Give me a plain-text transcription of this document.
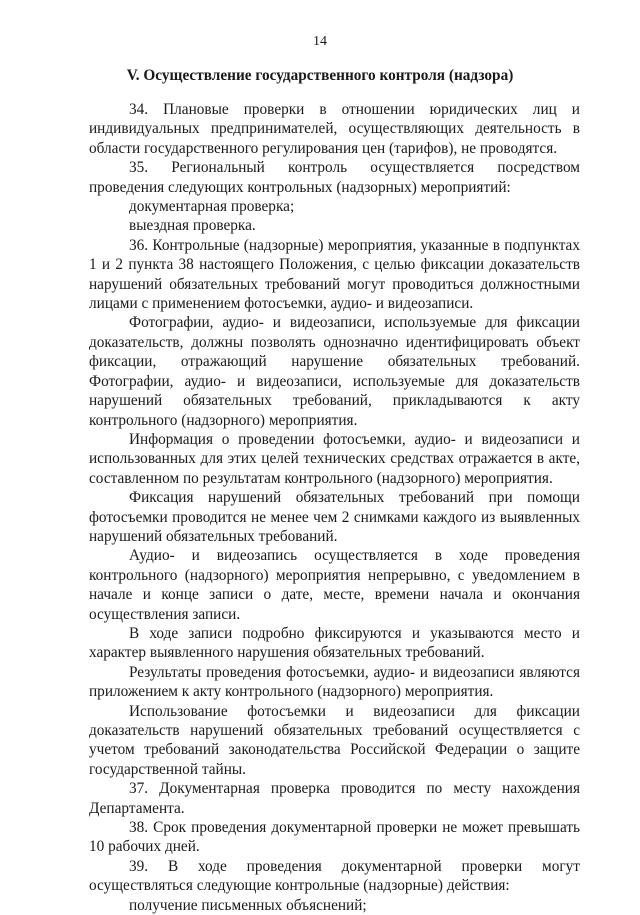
14
V. Осуществление государственного контроля (надзора)

34. Плановые проверки в отношении юридических лиц и индивидуальных предпринимателей, осуществляющих деятельность в области государственного регулирования цен (тарифов), не проводятся.

35. Региональный контроль осуществляется посредством проведения следующих контрольных (надзорных) мероприятий:

документарная проверка;

выездная проверка.

36. Контрольные (надзорные) мероприятия, указанные в подпунктах 1 и 2 пункта 38 настоящего Положения, с целью фиксации доказательств нарушений обязательных требований могут проводиться должностными лицами с применением фотосъемки, аудио- и видеозаписи.

Фотографии, аудио- и видеозаписи, используемые для фиксации доказательств, должны позволять однозначно идентифицировать объект фиксации, отражающий нарушение обязательных требований. Фотографии, аудио- и видеозаписи, используемые для доказательств нарушений обязательных требований, прикладываются к акту контрольного (надзорного) мероприятия.

Информация о проведении фотосъемки, аудио- и видеозаписи и использованных для этих целей технических средствах отражается в акте, составленном по результатам контрольного (надзорного) мероприятия.

Фиксация нарушений обязательных требований при помощи фотосъемки проводится не менее чем 2 снимками каждого из выявленных нарушений обязательных требований.

Аудио- и видеозапись осуществляется в ходе проведения контрольного (надзорного) мероприятия непрерывно, с уведомлением в начале и конце записи о дате, месте, времени начала и окончания осуществления записи.

В ходе записи подробно фиксируются и указываются место и характер выявленного нарушения обязательных требований.

Результаты проведения фотосъемки, аудио- и видеозаписи являются приложением к акту контрольного (надзорного) мероприятия.

Использование фотосъемки и видеозаписи для фиксации доказательств нарушений обязательных требований осуществляется с учетом требований законодательства Российской Федерации о защите государственной тайны.

37. Документарная проверка проводится по месту нахождения Департамента.

38. Срок проведения документарной проверки не может превышать 10 рабочих дней.

39. В ходе проведения документарной проверки могут осуществляться следующие контрольные (надзорные) действия:

получение письменных объяснений;
